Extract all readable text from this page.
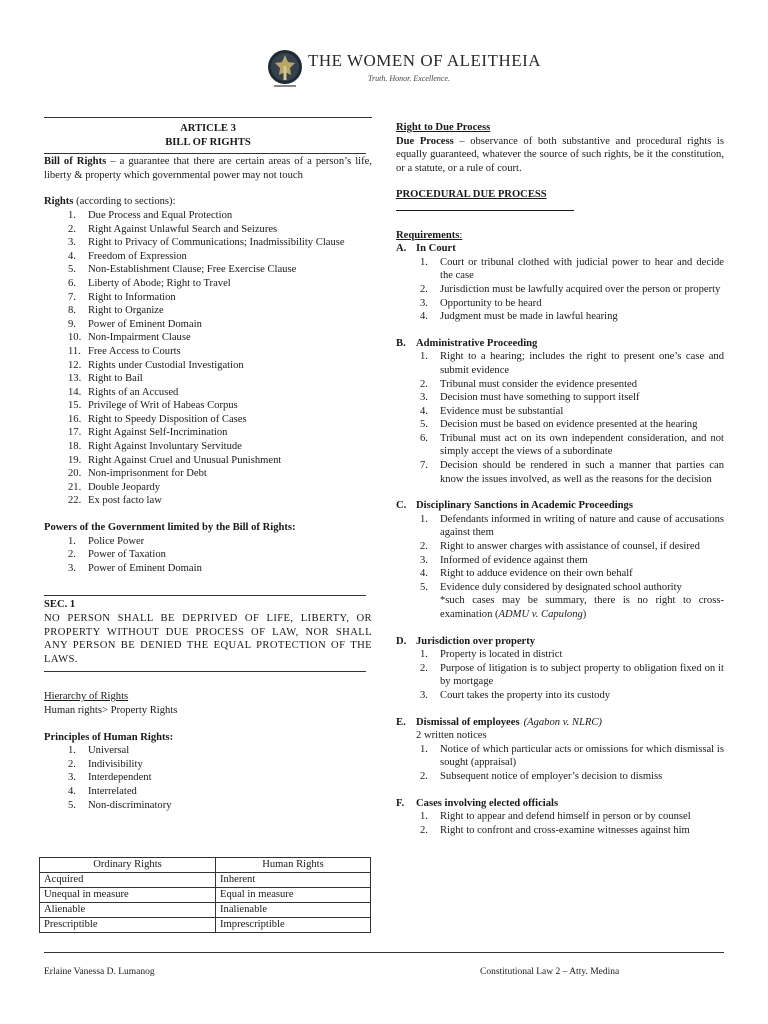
THE WOMEN OF ALEITHEIA
Truth. Honor. Excellence.
ARTICLE 3
BILL OF RIGHTS
Bill of Rights – a guarantee that there are certain areas of a person’s life, liberty & property which governmental power may not touch
Rights (according to sections):
1.	Due Process and Equal Protection
2.	Right Against Unlawful Search and Seizures
3.	Right to Privacy of Communications; Inadmissibility Clause
4.	Freedom of Expression
5.	Non-Establishment Clause; Free Exercise Clause
6.	Liberty of Abode; Right to Travel
7.	Right to Information
8.	Right to Organize
9.	Power of Eminent Domain
10. Non-Impairment Clause
11. Free Access to Courts
12. Rights under Custodial Investigation
13. Right to Bail
14. Rights of an Accused
15. Privilege of Writ of Habeas Corpus
16. Right to Speedy Disposition of Cases
17. Right Against Self-Incrimination
18. Right Against Involuntary Servitude
19. Right Against Cruel and Unusual Punishment
20. Non-imprisonment for Debt
21. Double Jeopardy
22. Ex post facto law
Powers of the Government limited by the Bill of Rights:
1.	Police Power
2.	Power of Taxation
3.	Power of Eminent Domain
SEC. 1
NO PERSON SHALL BE DEPRIVED OF LIFE, LIBERTY, OR PROPERTY WITHOUT DUE PROCESS OF LAW, NOR SHALL ANY PERSON BE DENIED THE EQUAL PROTECTION OF THE LAWS.
Hierarchy of Rights
Human rights> Property Rights
Principles of Human Rights:
1.	Universal
2.	Indivisibility
3.	Interdependent
4.	Interrelated
5.	Non-discriminatory
Ordinary Rights	Human Rights
Acquired	Inherent
Unequal in measure	Equal in measure
Alienable	Inalienable
Prescriptible	Imprescriptible
Right to Due Process
Due Process – observance of both substantive and procedural rights is equally guaranteed, whatever the source of such rights, be it the constitution, or a statute, or a rule of court.
PROCEDURAL DUE PROCESS
Requirements:
A. In Court
1.	Court or tribunal clothed with judicial power to hear and decide the case
2.	Jurisdiction must be lawfully acquired over the person or property
3.	Opportunity to be heard
4.	Judgment must be made in lawful hearing
B. Administrative Proceeding
1.	Right to a hearing; includes the right to present one’s case and submit evidence
2.	Tribunal must consider the evidence presented
3.	Decision must have something to support itself
4.	Evidence must be substantial
5.	Decision must be based on evidence presented at the hearing
6.	Tribunal must act on its own independent consideration, and not simply accept the views of a subordinate
7.	Decision should be rendered in such a manner that parties can know the issues involved, as well as the reasons for the decision
C. Disciplinary Sanctions in Academic Proceedings
1.	Defendants informed in writing of nature and cause of accusations against them
2.	Right to answer charges with assistance of counsel, if desired
3.	Informed of evidence against them
4.	Right to adduce evidence on their own behalf
5.	Evidence duly considered by designated school authority
*such cases may be summary, there is no right to cross-examination (ADMU v. Capulong)
D. Jurisdiction over property
1.	Property is located in district
2.	Purpose of litigation is to subject property to obligation fixed on it by mortgage
3.	Court takes the property into its custody
E. Dismissal of employees (Agabon v. NLRC)
2 written notices
1.	Notice of which particular acts or omissions for which dismissal is sought (appraisal)
2.	Subsequent notice of employer’s decision to dismiss
F. Cases involving elected officials
1.	Right to appear and defend himself in person or by counsel
2.	Right to confront and cross-examine witnesses against him
Erlaine Vanessa D. Lumanog	Constitutional Law 2 – Atty. Medina
